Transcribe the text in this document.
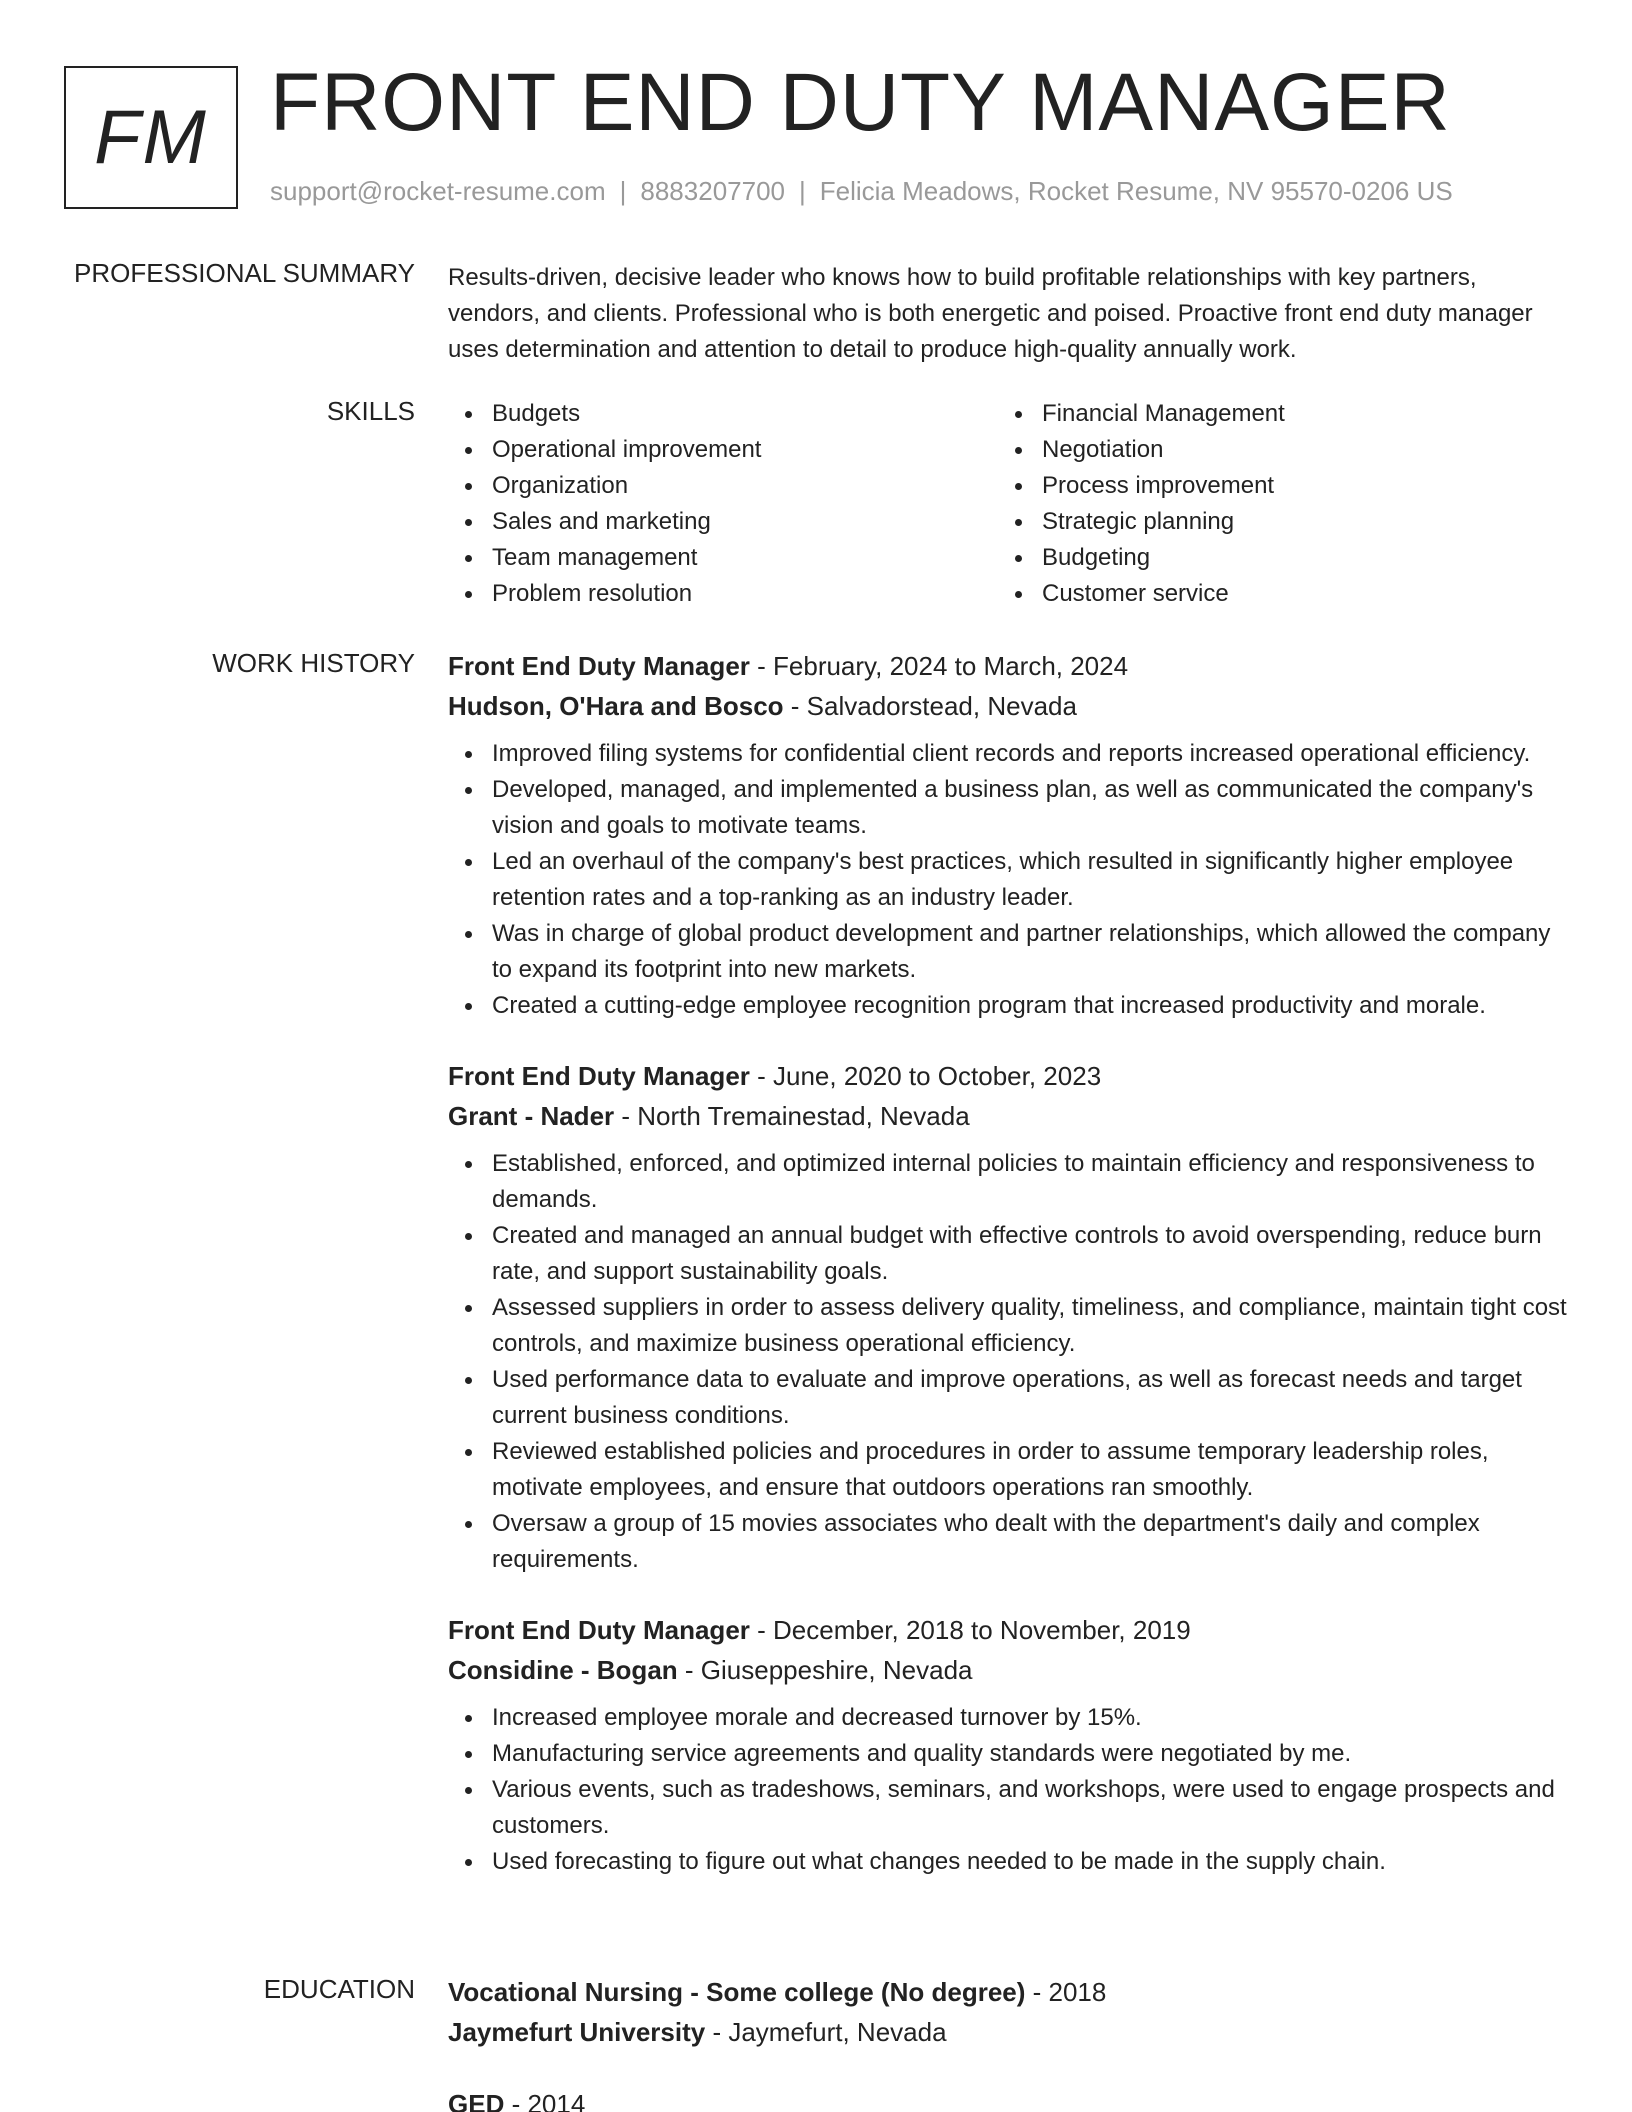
FM FRONT END DUTY MANAGER
support@rocket-resume.com | 8883207700 | Felicia Meadows, Rocket Resume, NV 95570-0206 US
PROFESSIONAL SUMMARY Results-driven, decisive leader who knows how to build profitable relationships with key partners, vendors, and clients. Professional who is both energetic and poised. Proactive front end duty manager uses determination and attention to detail to produce high-quality annually work.

SKILLS	Budgets
Operational improvement
Organization
Sales and marketing
Team management
Problem resolution
Financial Management
Negotiation
Process improvement
Strategic planning
Budgeting
Customer service
WORK HISTORY Front End Duty Manager - February, 2024 to March, 2024
Hudson, O'Hara and Bosco - Salvadorstead, Nevada
Improved filing systems for confidential client records and reports increased operational efficiency.
Developed, managed, and implemented a business plan, as well as communicated the company's vision and goals to motivate teams.
Led an overhaul of the company's best practices, which resulted in significantly higher employee retention rates and a top-ranking as an industry leader.
Was in charge of global product development and partner relationships, which allowed the company to expand its footprint into new markets.
Created a cutting-edge employee recognition program that increased productivity and morale.
Front End Duty Manager - June, 2020 to October, 2023
Grant - Nader - North Tremainestad, Nevada
Established, enforced, and optimized internal policies to maintain efficiency and responsiveness to demands.
Created and managed an annual budget with effective controls to avoid overspending, reduce burn rate, and support sustainability goals.
Assessed suppliers in order to assess delivery quality, timeliness, and compliance, maintain tight cost controls, and maximize business operational efficiency.
Used performance data to evaluate and improve operations, as well as forecast needs and target current business conditions.
Reviewed established policies and procedures in order to assume temporary leadership roles, motivate employees, and ensure that outdoors operations ran smoothly.
Oversaw a group of 15 movies associates who dealt with the department's daily and complex requirements.
Front End Duty Manager - December, 2018 to November, 2019
Considine - Bogan - Giuseppeshire, Nevada
Increased employee morale and decreased turnover by 15%.
Manufacturing service agreements and quality standards were negotiated by me.
Various events, such as tradeshows, seminars, and workshops, were used to engage prospects and customers.
Used forecasting to figure out what changes needed to be made in the supply chain.
EDUCATION Vocational Nursing - Some college (No degree) - 2018
Jaymefurt University - Jaymefurt, Nevada
GED - 2014
